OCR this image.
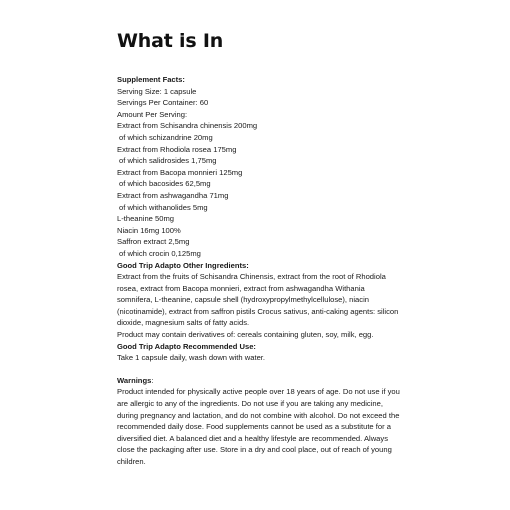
What is In
Supplement Facts:
Serving Size: 1 capsule
Servings Per Container: 60
Amount Per Serving:
Extract from Schisandra chinensis 200mg
of which schizandrine 20mg
Extract from Rhodiola rosea 175mg
of which salidrosides 1,75mg
Extract from Bacopa monnieri 125mg
of which bacosides 62,5mg
Extract from ashwagandha 71mg
of which withanolides 5mg
L-theanine 50mg
Niacin 16mg 100%
Saffron extract 2,5mg
of which crocin 0,125mg
Good Trip Adapto Other Ingredients:
Extract from the fruits of Schisandra Chinensis, extract from the root of Rhodiola rosea, extract from Bacopa monnieri, extract from ashwagandha Withania somnifera, L-theanine, capsule shell (hydroxypropylmethylcellulose), niacin (nicotinamide), extract from saffron pistils Crocus sativus, anti-caking agents: silicon dioxide, magnesium salts of fatty acids.
Product may contain derivatives of: cereals containing gluten, soy, milk, egg.
Good Trip Adapto Recommended Use:
Take 1 capsule daily, wash down with water.
Warnings:
Product intended for physically active people over 18 years of age. Do not use if you are allergic to any of the ingredients. Do not use if you are taking any medicine, during pregnancy and lactation, and do not combine with alcohol. Do not exceed the recommended daily dose. Food supplements cannot be used as a substitute for a diversified diet. A balanced diet and a healthy lifestyle are recommended. Always close the packaging after use. Store in a dry and cool place, out of reach of young children.
